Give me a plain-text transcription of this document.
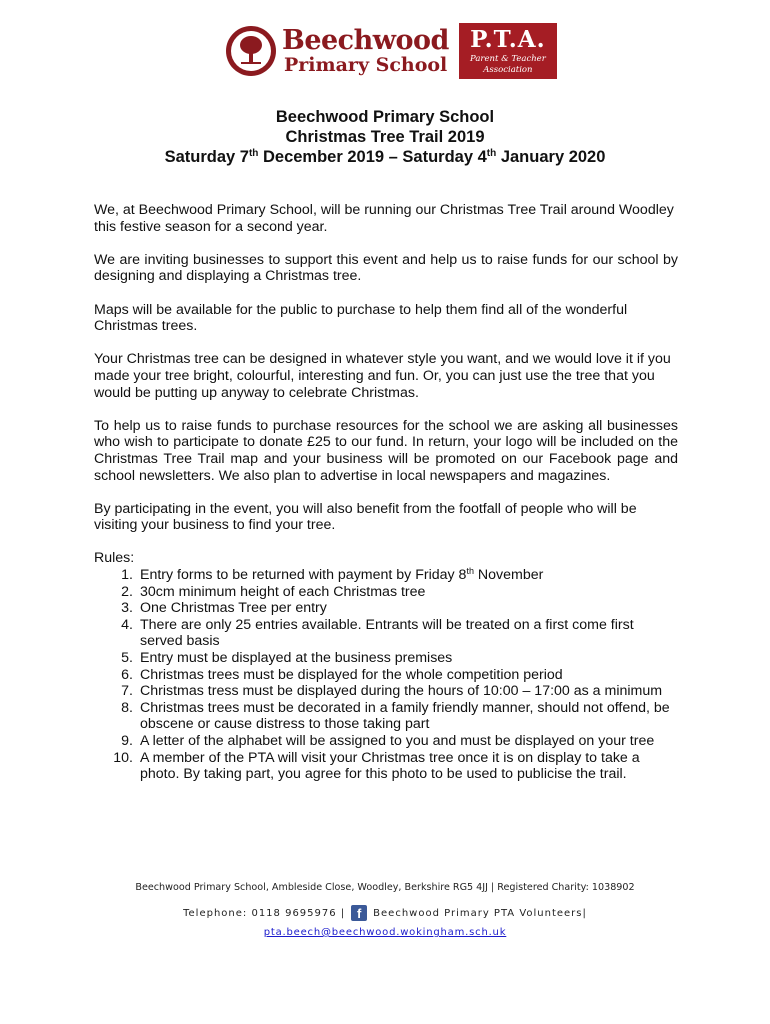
Beechwood
Primary School
P.T.A.
Parent & Teacher
Association
Beechwood Primary School
Christmas Tree Trail 2019
Saturday 7th December 2019 – Saturday 4th January 2020

We, at Beechwood Primary School, will be running our Christmas Tree Trail around Woodley this festive season for a second year.

We are inviting businesses to support this event and help us to raise funds for our school by designing and displaying a Christmas tree.

Maps will be available for the public to purchase to help them find all of the wonderful Christmas trees.

Your Christmas tree can be designed in whatever style you want, and we would love it if you made your tree bright, colourful, interesting and fun. Or, you can just use the tree that you would be putting up anyway to celebrate Christmas.

To help us to raise funds to purchase resources for the school we are asking all businesses who wish to participate to donate £25 to our fund. In return, your logo will be included on the Christmas Tree Trail map and your business will be promoted on our Facebook page and school newsletters. We also plan to advertise in local newspapers and magazines.

By participating in the event, you will also benefit from the footfall of people who will be visiting your business to find your tree.

Rules:
1. Entry forms to be returned with payment by Friday 8th November
2. 30cm minimum height of each Christmas tree
3. One Christmas Tree per entry
4. There are only 25 entries available. Entrants will be treated on a first come first served basis
5. Entry must be displayed at the business premises
6. Christmas trees must be displayed for the whole competition period
7. Christmas tress must be displayed during the hours of 10:00 – 17:00 as a minimum
8. Christmas trees must be decorated in a family friendly manner, should not offend, be obscene or cause distress to those taking part
9. A letter of the alphabet will be assigned to you and must be displayed on your tree
10. A member of the PTA will visit your Christmas tree once it is on display to take a photo. By taking part, you agree for this photo to be used to publicise the trail.
Beechwood Primary School, Ambleside Close, Woodley, Berkshire RG5 4JJ | Registered Charity: 1038902
Telephone: 0118 9695976 | f	Beechwood Primary PTA Volunteers|
pta.beech@beechwood.wokingham.sch.uk
